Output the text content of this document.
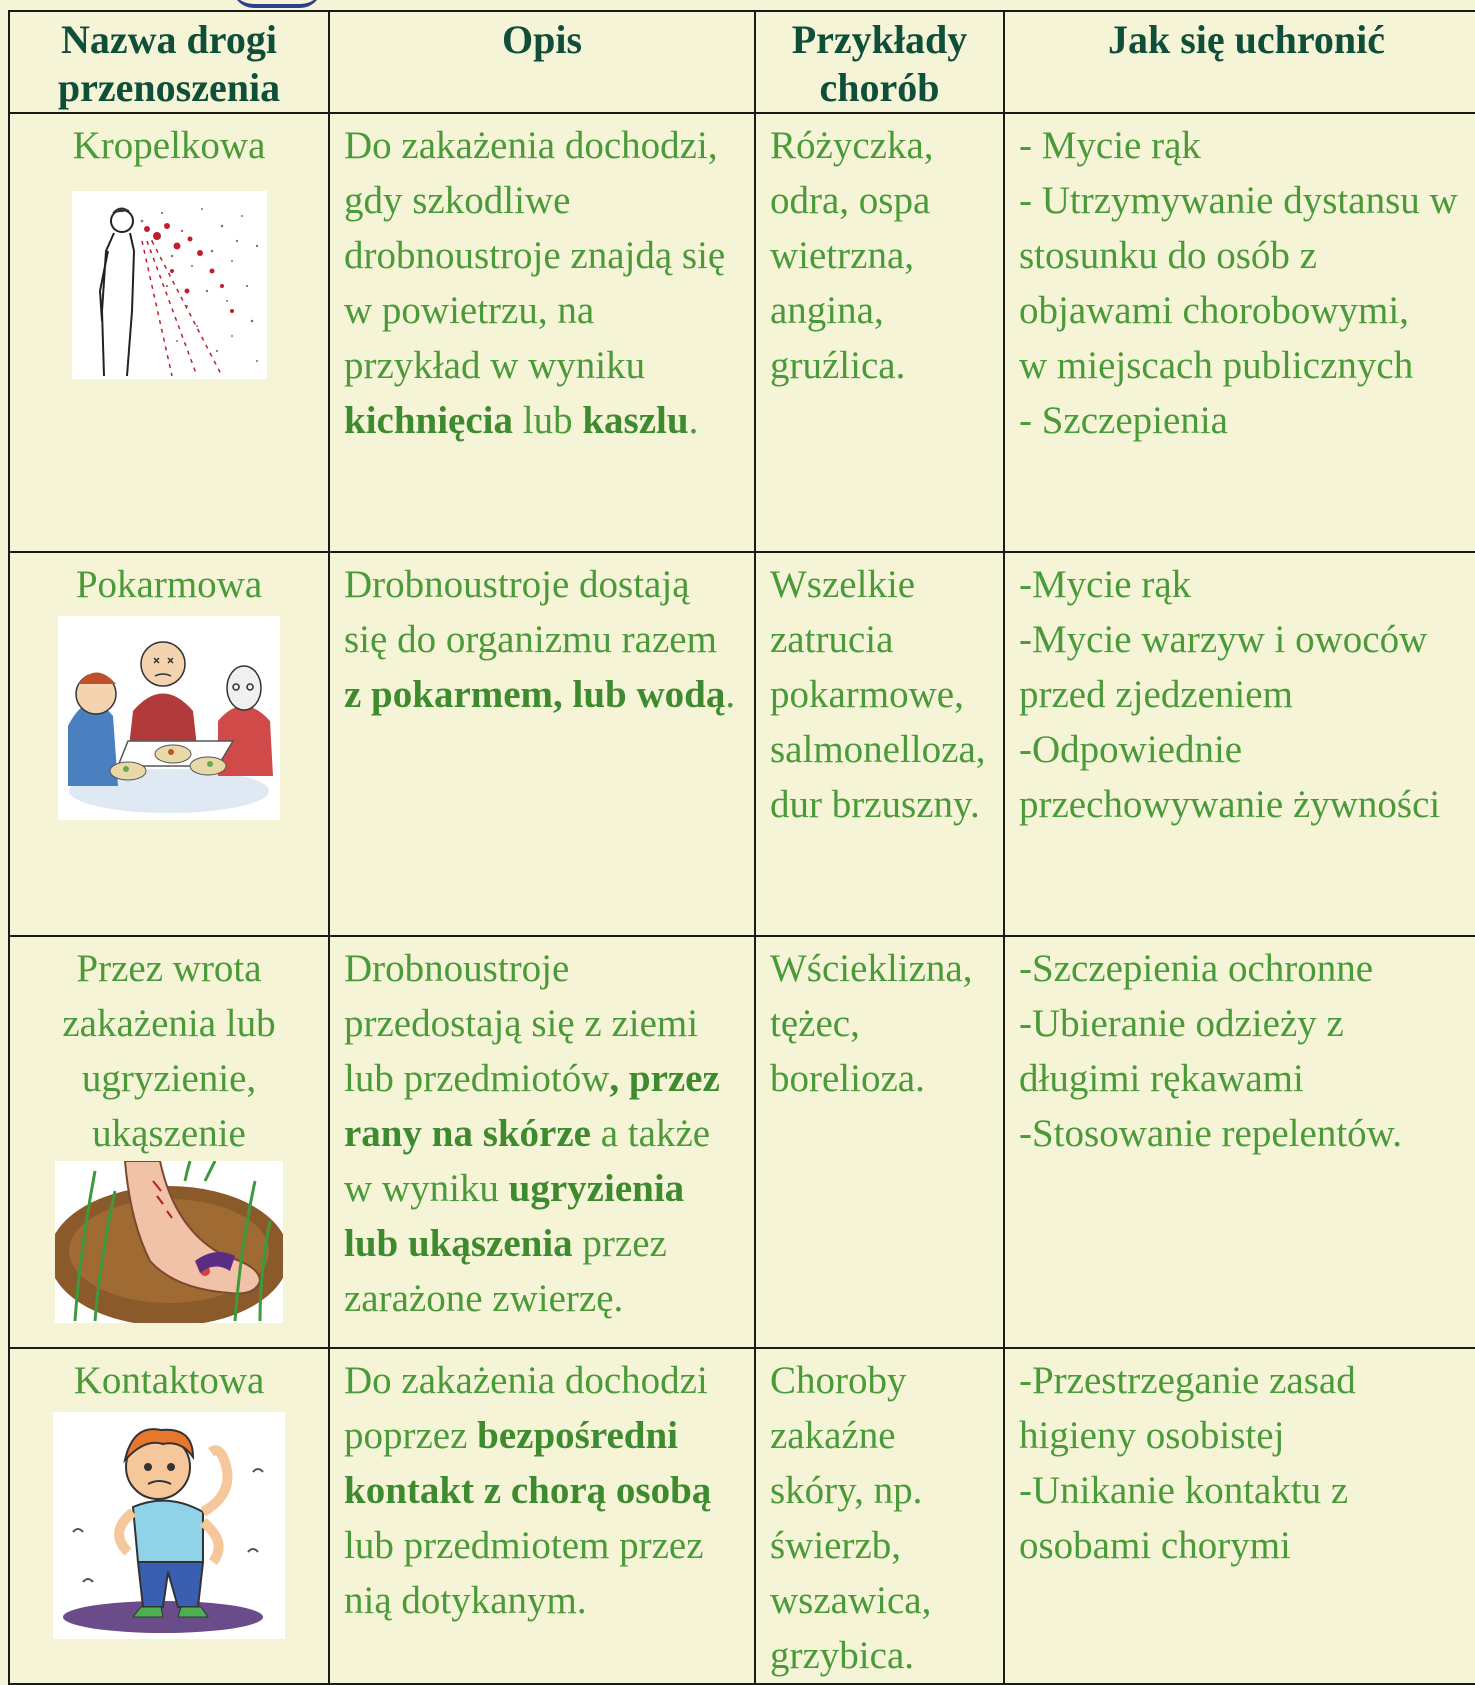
Nazwa drogi przenoszenia	Opis	Przykłady chorób	Jak się uchronić

Kropelkowa	Do zakażenia dochodzi, gdy szkodliwe drobnoustroje znajdą się w powietrzu, na przykład w wyniku kichnięcia lub kaszlu.	Różyczka, odra, ospa wietrzna, angina, gruźlica.	- Mycie rąk
- Utrzymywanie dystansu w stosunku do osób z objawami chorobowymi,
w miejscach publicznych
- Szczepienia

Pokarmowa	Drobnoustroje dostają się do organizmu razem z pokarmem, lub wodą.	Wszelkie zatrucia pokarmowe, salmonelloza, dur brzuszny.	-Mycie rąk
-Mycie warzyw i owoców przed zjedzeniem
-Odpowiednie przechowywanie żywności

Przez wrota zakażenia lub ugryzienie, ukąszenie	Drobnoustroje przedostają się z ziemi lub przedmiotów, przez rany na skórze a także w wyniku ugryzienia lub ukąszenia przez zarażone zwierzę.	Wścieklizna, tężec, borelioza.	-Szczepienia ochronne
-Ubieranie odzieży z długimi rękawami
-Stosowanie repelentów.

Kontaktowa	Do zakażenia dochodzi poprzez bezpośredni kontakt z chorą osobą lub przedmiotem przez nią dotykanym.	Choroby zakaźne skóry, np. świerzb, wszawica, grzybica.	-Przestrzeganie zasad higieny osobistej
-Unikanie kontaktu z osobami chorymi
